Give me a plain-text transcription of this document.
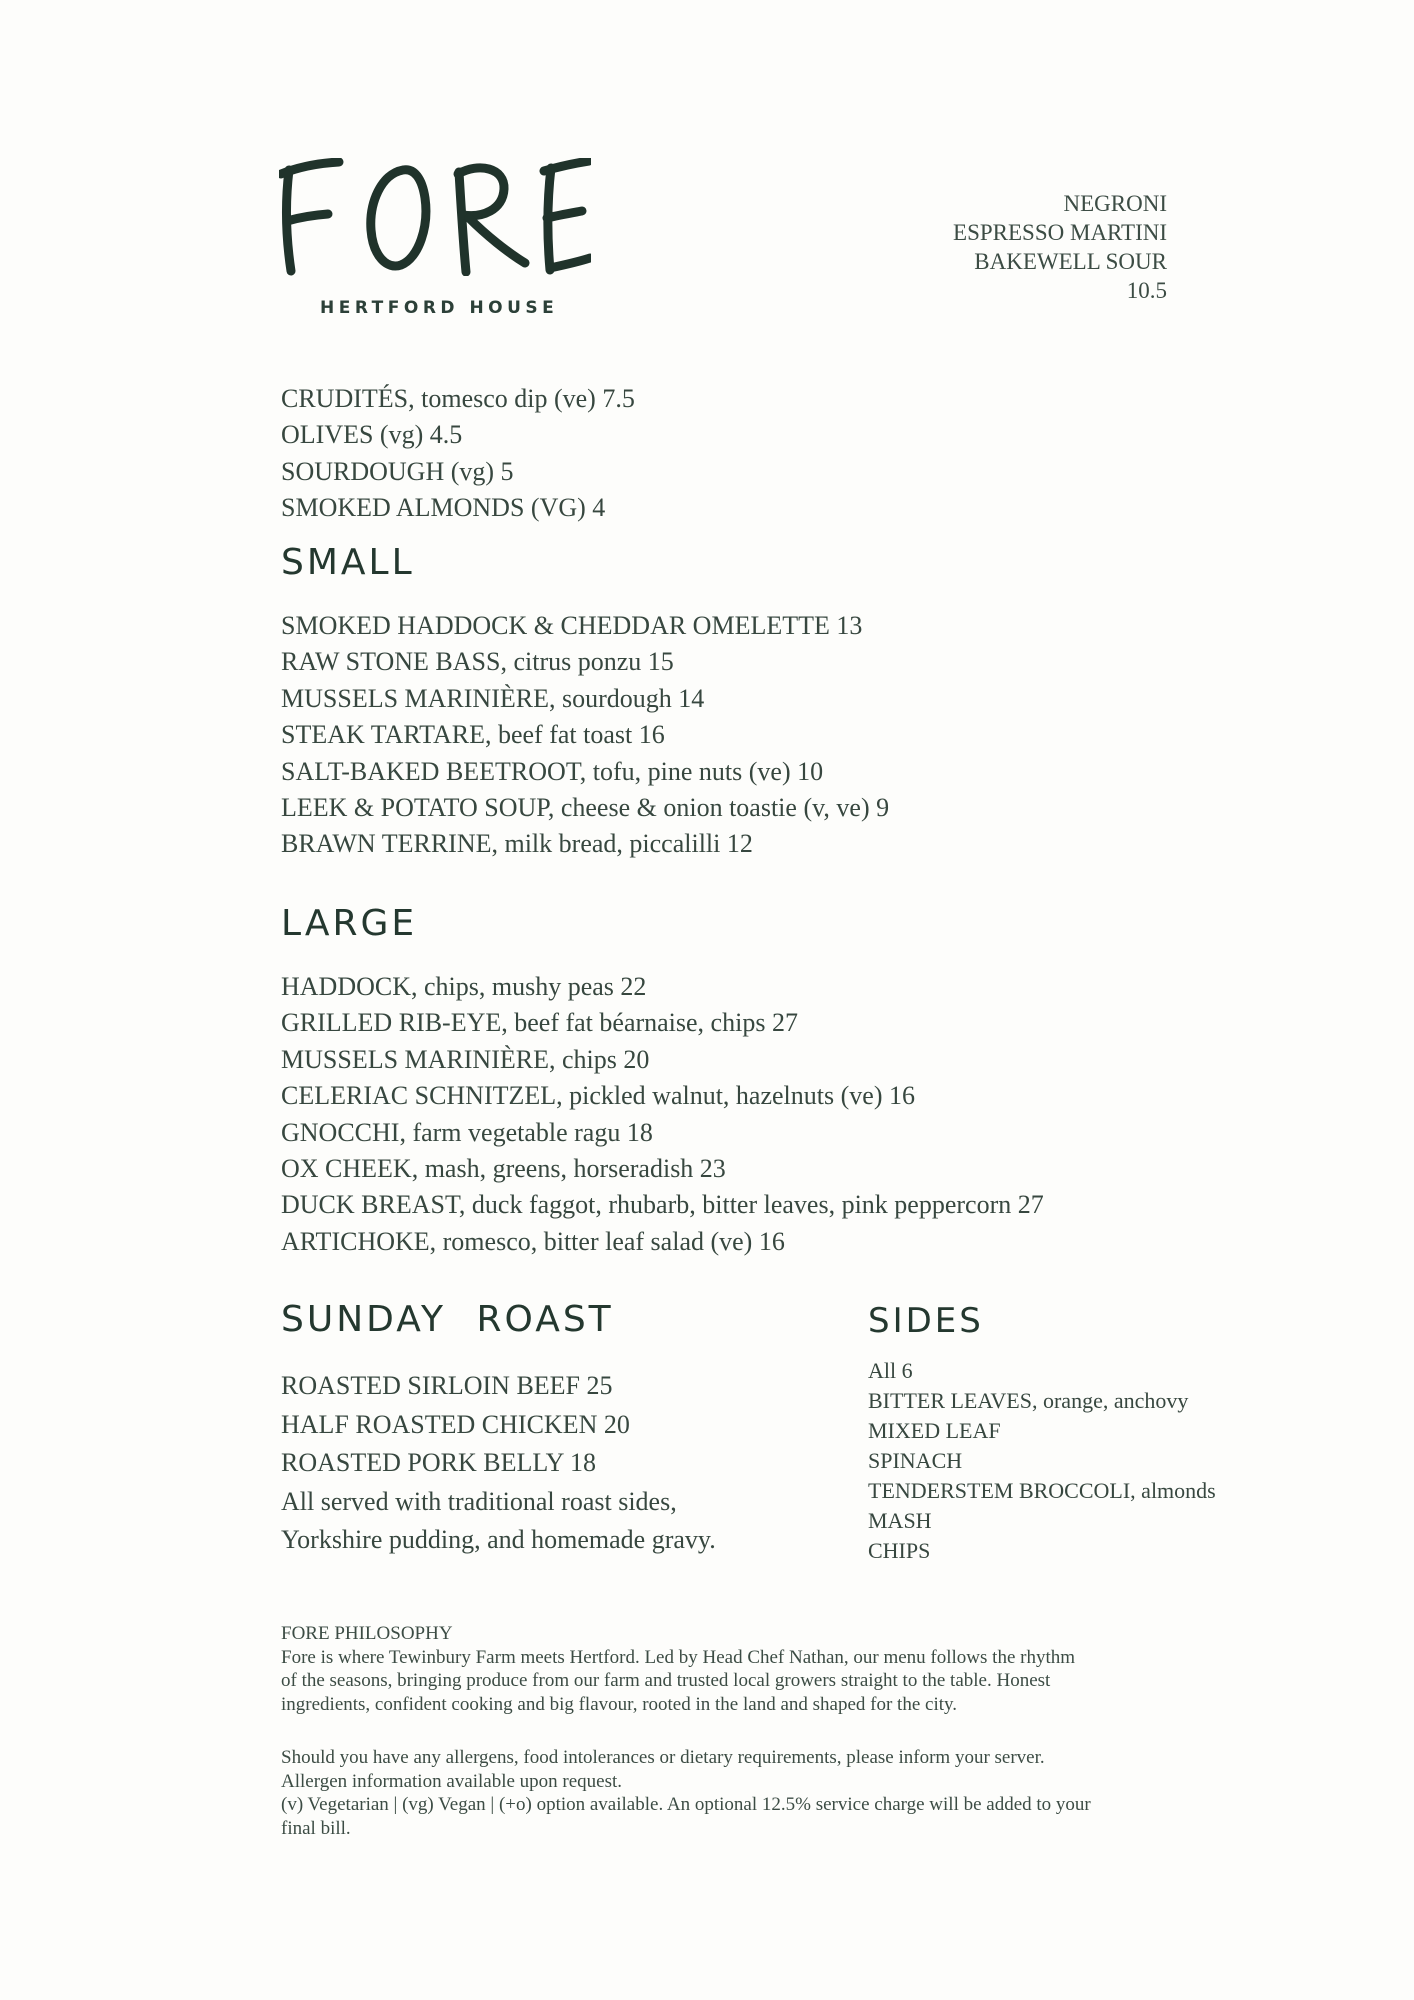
HERTFORD HOUSE
NEGRONI
ESPRESSO MARTINI
BAKEWELL SOUR
10.5
CRUDITÉS, tomesco dip (ve) 7.5
OLIVES (vg) 4.5
SOURDOUGH (vg) 5
SMOKED ALMONDS (VG) 4
SMALL
SMOKED HADDOCK & CHEDDAR OMELETTE 13
RAW STONE BASS, citrus ponzu 15
MUSSELS MARINIÈRE, sourdough 14
STEAK TARTARE, beef fat toast 16
SALT-BAKED BEETROOT, tofu, pine nuts (ve) 10
LEEK & POTATO SOUP, cheese & onion toastie (v, ve) 9
BRAWN TERRINE, milk bread, piccalilli 12
LARGE
HADDOCK, chips, mushy peas 22
GRILLED RIB-EYE, beef fat béarnaise, chips 27
MUSSELS MARINIÈRE, chips 20
CELERIAC SCHNITZEL, pickled walnut, hazelnuts (ve) 16
GNOCCHI, farm vegetable ragu 18
OX CHEEK, mash, greens, horseradish 23
DUCK BREAST, duck faggot, rhubarb, bitter leaves, pink peppercorn 27
ARTICHOKE, romesco, bitter leaf salad (ve) 16
SUNDAY ROAST
ROASTED SIRLOIN BEEF 25
HALF ROASTED CHICKEN 20
ROASTED PORK BELLY 18
All served with traditional roast sides,
Yorkshire pudding, and homemade gravy.
SIDES
All 6
BITTER LEAVES, orange, anchovy
MIXED LEAF
SPINACH
TENDERSTEM BROCCOLI, almonds
MASH
CHIPS
FORE PHILOSOPHY
Fore is where Tewinbury Farm meets Hertford. Led by Head Chef Nathan, our menu follows the rhythm
of the seasons, bringing produce from our farm and trusted local growers straight to the table. Honest
ingredients, confident cooking and big flavour, rooted in the land and shaped for the city.
Should you have any allergens, food intolerances or dietary requirements, please inform your server.
Allergen information available upon request.
(v) Vegetarian | (vg) Vegan | (+o) option available. An optional 12.5% service charge will be added to your
final bill.
